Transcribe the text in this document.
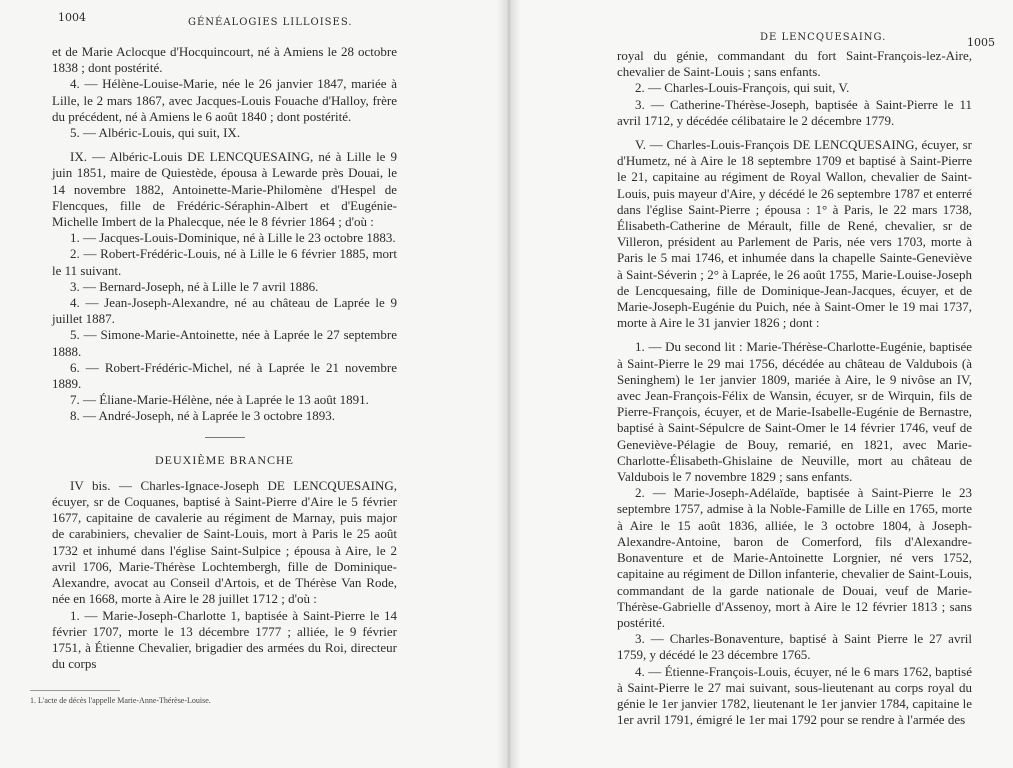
1004	GÉNÉALOGIES LILLOISES.

et de Marie Aclocque d'Hocquincourt, né à Amiens le 28 octobre 1838 ; dont postérité.

4. — Hélène-Louise-Marie, née le 26 janvier 1847, mariée à Lille, le 2 mars 1867, avec Jacques-Louis Fouache d'Halloy, frère du précédent, né à Amiens le 6 août 1840 ; dont postérité.

5. — Albéric-Louis, qui suit, IX.

IX. — Albéric-Louis DE LENCQUESAING, né à Lille le 9 juin 1851, maire de Quiestède, épousa à Lewarde près Douai, le 14 novembre 1882, Antoinette-Marie-Philomène d'Hespel de Flencques, fille de Frédéric-Séraphin-Albert et d'Eugénie-Michelle Imbert de la Phalecque, née le 8 février 1864 ; d'où :

1. — Jacques-Louis-Dominique, né à Lille le 23 octobre 1883.

2. — Robert-Frédéric-Louis, né à Lille le 6 février 1885, mort le 11 suivant.

3. — Bernard-Joseph, né à Lille le 7 avril 1886.

4. — Jean-Joseph-Alexandre, né au château de Laprée le 9 juillet 1887.

5. — Simone-Marie-Antoinette, née à Laprée le 27 septembre 1888.

6. — Robert-Frédéric-Michel, né à Laprée le 21 novembre 1889.

7. — Éliane-Marie-Hélène, née à Laprée le 13 août 1891.

8. — André-Joseph, né à Laprée le 3 octobre 1893.

DEUXIÈME BRANCHE

IV bis. — Charles-Ignace-Joseph DE LENCQUESAING, écuyer, sr de Coquanes, baptisé à Saint-Pierre d'Aire le 5 février 1677, capitaine de cavalerie au régiment de Marnay, puis major de carabiniers, chevalier de Saint-Louis, mort à Paris le 25 août 1732 et inhumé dans l'église Saint-Sulpice ; épousa à Aire, le 2 avril 1706, Marie-Thérèse Lochtembergh, fille de Dominique-Alexandre, avocat au Conseil d'Artois, et de Thérèse Van Rode, née en 1668, morte à Aire le 28 juillet 1712 ; d'où :

1. — Marie-Joseph-Charlotte 1, baptisée à Saint-Pierre le 14 février 1707, morte le 13 décembre 1777 ; alliée, le 9 février 1751, à Étienne Chevalier, brigadier des armées du Roi, directeur du corps

1. L'acte de décès l'appelle Marie-Anne-Thérèse-Louise.
DE LENCQUESAING.	1005

royal du génie, commandant du fort Saint-François-lez-Aire, chevalier de Saint-Louis ; sans enfants.

2. — Charles-Louis-François, qui suit, V.

3. — Catherine-Thérèse-Joseph, baptisée à Saint-Pierre le 11 avril 1712, y décédée célibataire le 2 décembre 1779.

V. — Charles-Louis-François DE LENCQUESAING, écuyer, sr d'Humetz, né à Aire le 18 septembre 1709 et baptisé à Saint-Pierre le 21, capitaine au régiment de Royal Wallon, chevalier de Saint-Louis, puis mayeur d'Aire, y décédé le 26 septembre 1787 et enterré dans l'église Saint-Pierre ; épousa : 1° à Paris, le 22 mars 1738, Élisabeth-Catherine de Mérault, fille de René, chevalier, sr de Villeron, président au Parlement de Paris, née vers 1703, morte à Paris le 5 mai 1746, et inhumée dans la chapelle Sainte-Geneviève à Saint-Séverin ; 2° à Laprée, le 26 août 1755, Marie-Louise-Joseph de Lencquesaing, fille de Dominique-Jean-Jacques, écuyer, et de Marie-Joseph-Eugénie du Puich, née à Saint-Omer le 19 mai 1737, morte à Aire le 31 janvier 1826 ; dont :

1. — Du second lit : Marie-Thérèse-Charlotte-Eugénie, baptisée à Saint-Pierre le 29 mai 1756, décédée au château de Valdubois (à Seninghem) le 1er janvier 1809, mariée à Aire, le 9 nivôse an IV, avec Jean-François-Félix de Wansin, écuyer, sr de Wirquin, fils de Pierre-François, écuyer, et de Marie-Isabelle-Eugénie de Bernastre, baptisé à Saint-Sépulcre de Saint-Omer le 14 février 1746, veuf de Geneviève-Pélagie de Bouy, remarié, en 1821, avec Marie-Charlotte-Élisabeth-Ghislaine de Neuville, mort au château de Valdubois le 7 novembre 1829 ; sans enfants.

2. — Marie-Joseph-Adélaïde, baptisée à Saint-Pierre le 23 septembre 1757, admise à la Noble-Famille de Lille en 1765, morte à Aire le 15 août 1836, alliée, le 3 octobre 1804, à Joseph-Alexandre-Antoine, baron de Comerford, fils d'Alexandre-Bonaventure et de Marie-Antoinette Lorgnier, né vers 1752, capitaine au régiment de Dillon infanterie, chevalier de Saint-Louis, commandant de la garde nationale de Douai, veuf de Marie-Thérèse-Gabrielle d'Assenoy, mort à Aire le 12 février 1813 ; sans postérité.

3. — Charles-Bonaventure, baptisé à Saint Pierre le 27 avril 1759, y décédé le 23 décembre 1765.

4. — Étienne-François-Louis, écuyer, né le 6 mars 1762, baptisé à Saint-Pierre le 27 mai suivant, sous-lieutenant au corps royal du génie le 1er janvier 1782, lieutenant le 1er janvier 1784, capitaine le 1er avril 1791, émigré le 1er mai 1792 pour se rendre à l'armée des
